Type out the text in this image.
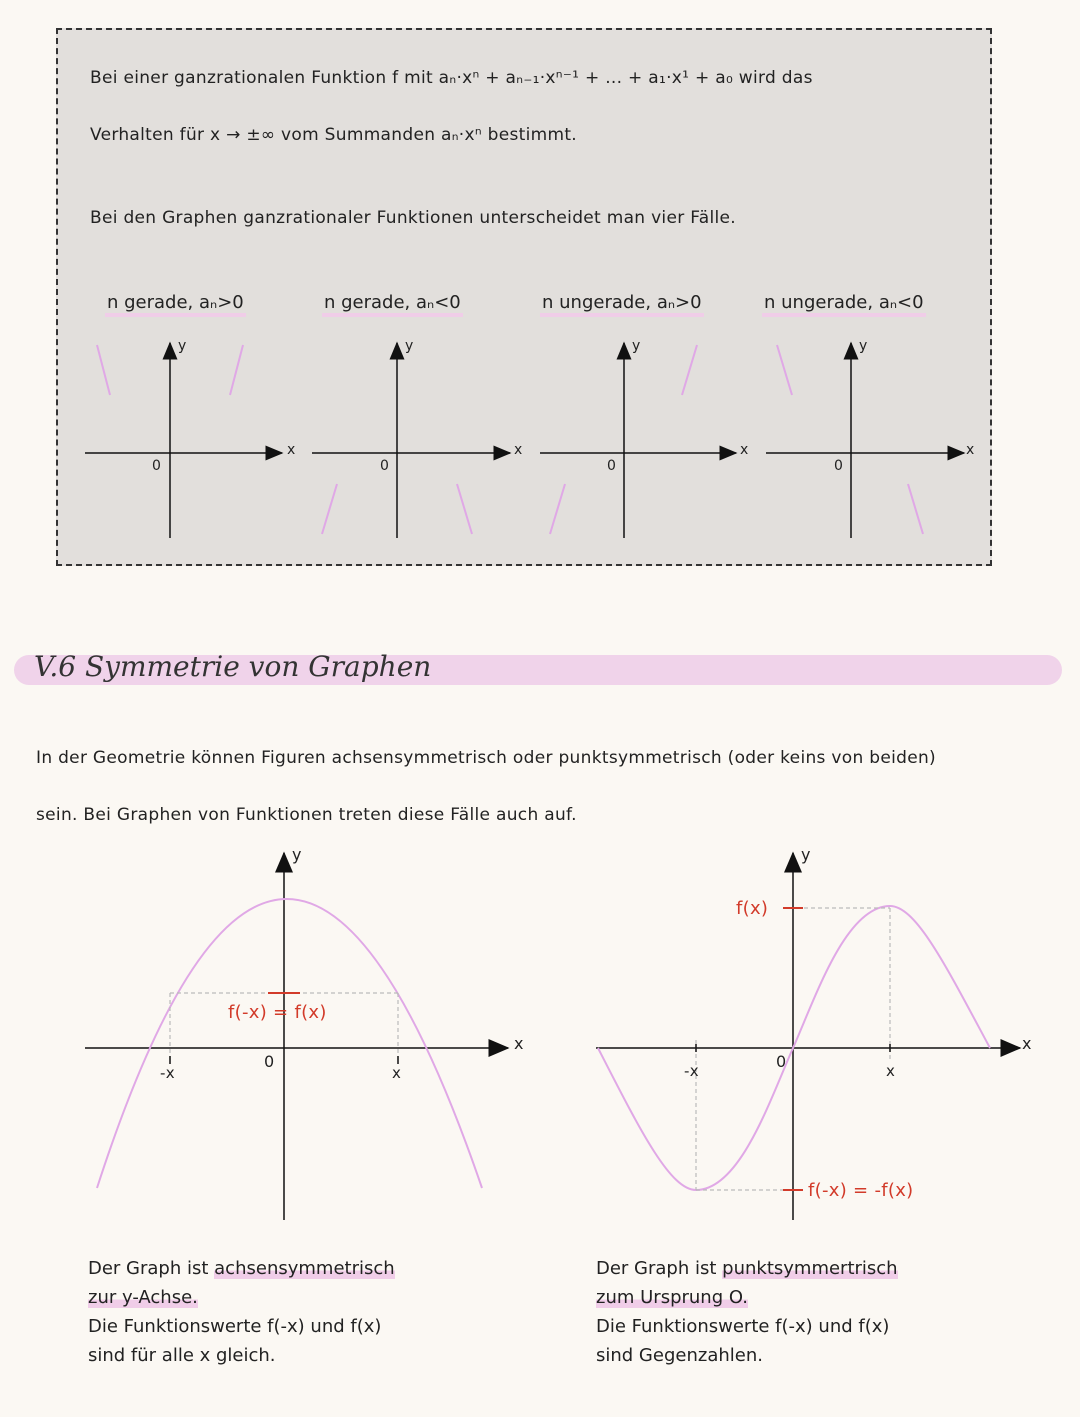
Bei einer ganzrationalen Funktion f mit aₙ·xⁿ + aₙ₋₁·xⁿ⁻¹ + ... + a₁·x¹ + a₀ wird das
Verhalten für x → ±∞ vom Summanden aₙ·xⁿ bestimmt.
Bei den Graphen ganzrationaler Funktionen unterscheidet man vier Fälle.
n gerade, aₙ>0	n gerade, aₙ<0	n ungerade, aₙ>0	n ungerade, aₙ<0
y
x
0
y
x
0
y
x
0
y
x
0
V.6 Symmetrie von Graphen
In der Geometrie können Figuren achsensymmetrisch oder punktsymmetrisch (oder keins von beiden)
sein. Bei Graphen von Funktionen treten diese Fälle auch auf.
y
x
0
-x	x
f(-x) = f(x)
y
x
0
-x	x
f(x)
f(-x) = -f(x)
Der Graph ist achsensymmetrisch
zur y-Achse.
Die Funktionswerte f(-x) und f(x)
sind für alle x gleich.
Der Graph ist punktsymmertrisch
zum Ursprung O.
Die Funktionswerte f(-x) und f(x)
sind Gegenzahlen.
